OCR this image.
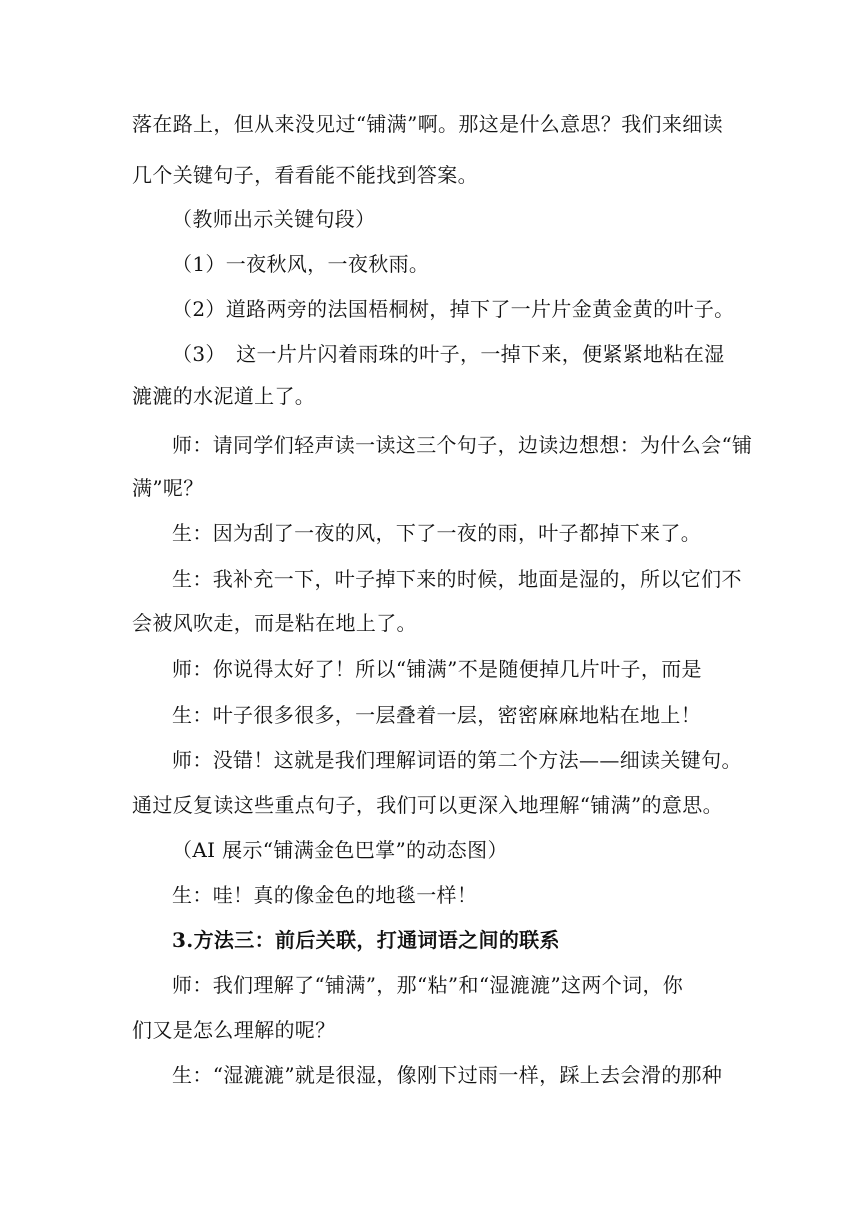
落在路上，但从来没见过“铺满”啊。那这是什么意思？我们来细读
几个关键句子，看看能不能找到答案。
（教师出示关键句段）
（1）一夜秋风，一夜秋雨。
（2）道路两旁的法国梧桐树，掉下了一片片金黄金黄的叶子。
（3）　这一片片闪着雨珠的叶子，一掉下来，便紧紧地粘在湿
漉漉的水泥道上了。
师：请同学们轻声读一读这三个句子，边读边想想：为什么会“铺
满”呢？
生：因为刮了一夜的风，下了一夜的雨，叶子都掉下来了。
生：我补充一下，叶子掉下来的时候，地面是湿的，所以它们不
会被风吹走，而是粘在地上了。
师：你说得太好了！所以“铺满”不是随便掉几片叶子，而是
生：叶子很多很多，一层叠着一层，密密麻麻地粘在地上！
师：没错！这就是我们理解词语的第二个方法——细读关键句。
通过反复读这些重点句子，我们可以更深入地理解“铺满”的意思。
（AI 展示“铺满金色巴掌”的动态图）
生：哇！真的像金色的地毯一样！
3.方法三：前后关联，打通词语之间的联系
师：我们理解了“铺满”，那“粘”和“湿漉漉”这两个词，你
们又是怎么理解的呢？
生：“湿漉漉”就是很湿，像刚下过雨一样，踩上去会滑的那种
